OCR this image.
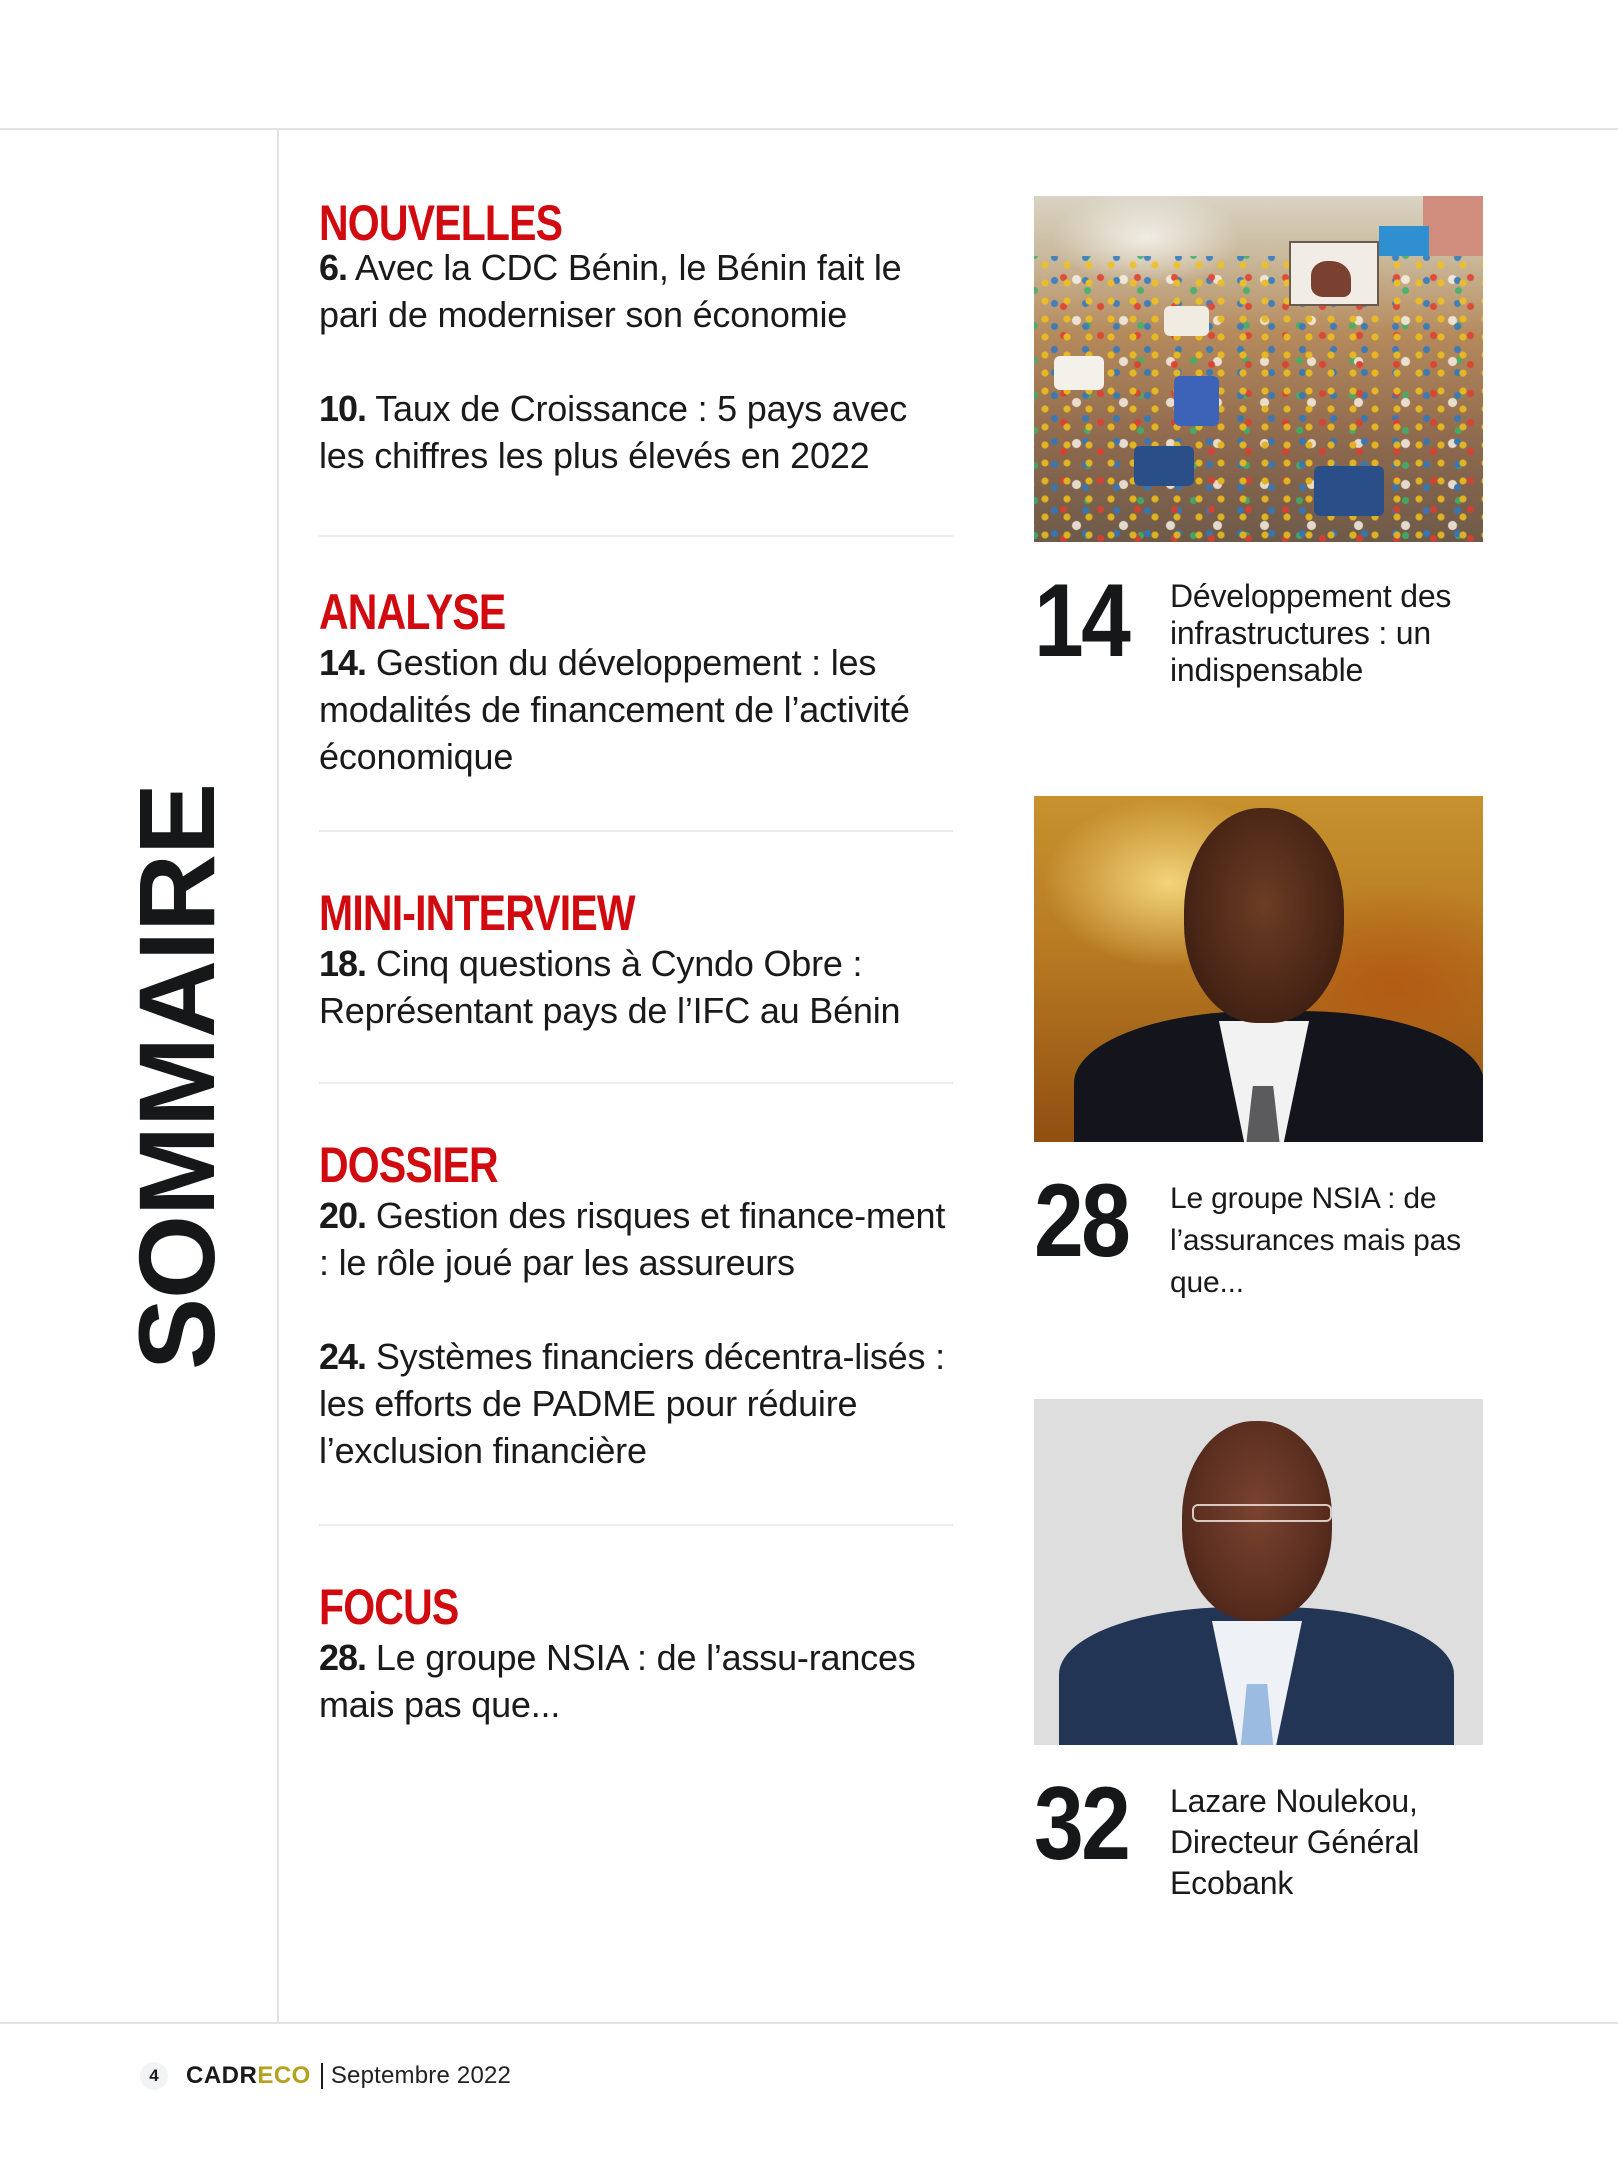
SOMMAIRE
NOUVELLES
6. Avec la CDC Bénin, le Bénin fait le pari de moderniser son économie
10. Taux de Croissance : 5 pays avec les chiffres les plus élevés en 2022
ANALYSE
14. Gestion du développement : les modalités de financement de l’activité économique
MINI-INTERVIEW
18. Cinq questions à Cyndo Obre : Représentant pays de l’IFC au Bénin
DOSSIER
20. Gestion des risques et finance-ment : le rôle joué par les assureurs
24. Systèmes financiers décentra-lisés : les efforts de PADME pour réduire l’exclusion financière
FOCUS
28. Le groupe NSIA : de l’assu-rances mais pas que...
14	Développement des infrastructures : un indispensable
28	Le groupe NSIA : de l’assurances mais pas que...
32	Lazare Noulekou, Directeur Général Ecobank
4	CADRECO Septembre 2022
